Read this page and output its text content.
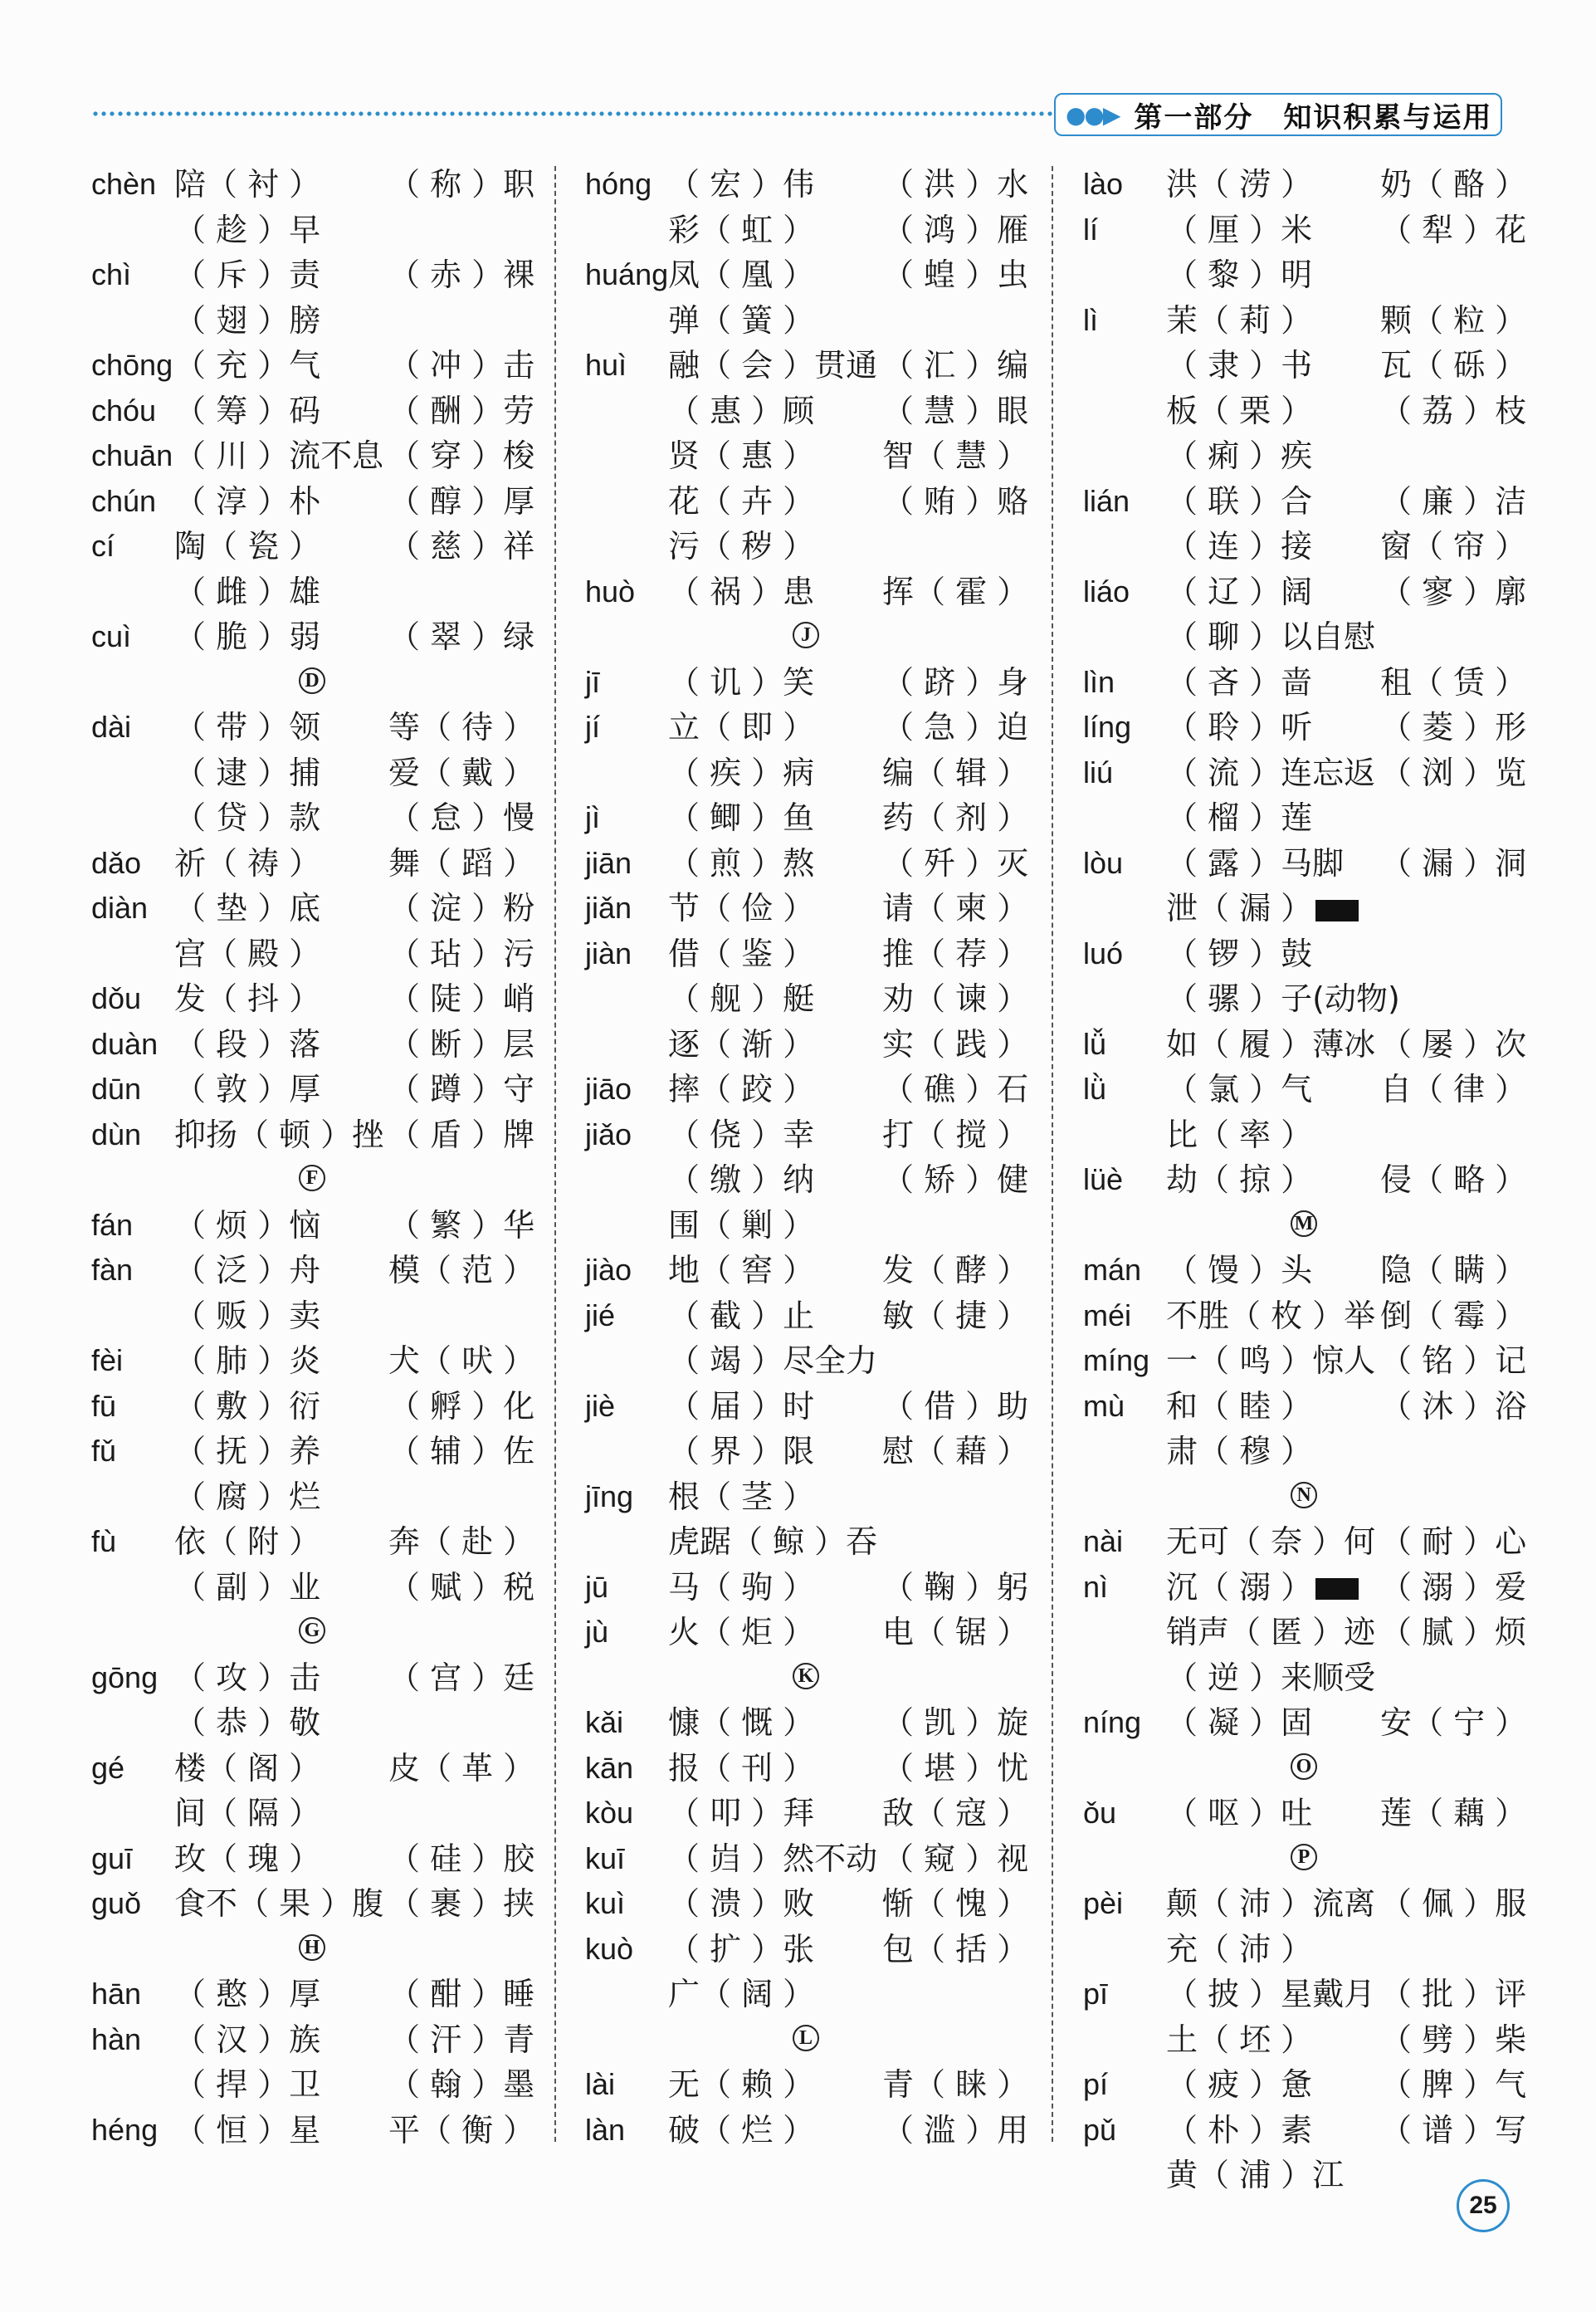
●●▶ 第一部分　知识积累与运用
chèn 陪（ 衬 ） （ 称 ）职
（ 趁 ）早
chì （ 斥 ）责 （ 赤 ）裸
（ 翅 ）膀
chōng （ 充 ）气 （ 冲 ）击
chóu （ 筹 ）码 （ 酬 ）劳
chuān （ 川 ）流不息 （ 穿 ）梭
chún （ 淳 ）朴 （ 醇 ）厚
cí 陶（ 瓷 ） （ 慈 ）祥
（ 雌 ）雄
cuì （ 脆 ）弱 （ 翠 ）绿
D
dài （ 带 ）领 等（ 待 ）
（ 逮 ）捕 爱（ 戴 ）
（ 贷 ）款 （ 怠 ）慢
dǎo 祈（ 祷 ） 舞（ 蹈 ）
diàn （ 垫 ）底 （ 淀 ）粉
宫（ 殿 ） （ 玷 ）污
dǒu 发（ 抖 ） （ 陡 ）峭
duàn （ 段 ）落 （ 断 ）层
dūn （ 敦 ）厚 （ 蹲 ）守
dùn 抑扬（ 顿 ）挫 （ 盾 ）牌
F
fán （ 烦 ）恼 （ 繁 ）华
fàn （ 泛 ）舟 模（ 范 ）
（ 贩 ）卖
fèi （ 肺 ）炎 犬（ 吠 ）
fū （ 敷 ）衍 （ 孵 ）化
fǔ （ 抚 ）养 （ 辅 ）佐
（ 腐 ）烂
fù 依（ 附 ） 奔（ 赴 ）
（ 副 ）业 （ 赋 ）税
G
gōng （ 攻 ）击 （ 宫 ）廷
（ 恭 ）敬
gé 楼（ 阁 ） 皮（ 革 ）
间（ 隔 ）
guī 玫（ 瑰 ） （ 硅 ）胶
guǒ 食不（ 果 ）腹 （ 裹 ）挟
H
hān （ 憨 ）厚 （ 酣 ）睡
hàn （ 汉 ）族 （ 汗 ）青
（ 捍 ）卫 （ 翰 ）墨
héng （ 恒 ）星 平（ 衡 ）
hóng （ 宏 ）伟 （ 洪 ）水
彩（ 虹 ） （ 鸿 ）雁
huáng 凤（ 凰 ） （ 蝗 ）虫
弹（ 簧 ）
huì 融（ 会 ）贯通 （ 汇 ）编
（ 惠 ）顾 （ 慧 ）眼
贤（ 惠 ） 智（ 慧 ）
花（ 卉 ） （ 贿 ）赂
污（ 秽 ）
huò （ 祸 ）患 挥（ 霍 ）
J
jī （ 讥 ）笑 （ 跻 ）身
jí 立（ 即 ） （ 急 ）迫
（ 疾 ）病 编（ 辑 ）
jì （ 鲫 ）鱼 药（ 剂 ）
jiān （ 煎 ）熬 （ 歼 ）灭
jiǎn 节（ 俭 ） 请（ 柬 ）
jiàn 借（ 鉴 ） 推（ 荐 ）
（ 舰 ）艇 劝（ 谏 ）
逐（ 渐 ） 实（ 践 ）
jiāo 摔（ 跤 ） （ 礁 ）石
jiǎo （ 侥 ）幸 打（ 搅 ）
（ 缴 ）纳 （ 矫 ）健
围（ 剿 ）
jiào 地（ 窖 ） 发（ 酵 ）
jié （ 截 ）止 敏（ 捷 ）
（ 竭 ）尽全力
jiè （ 届 ）时 （ 借 ）助
（ 界 ）限 慰（ 藉 ）
jīng 根（ 茎 ）
虎踞（ 鲸 ）吞
jū 马（ 驹 ） （ 鞠 ）躬
jù 火（ 炬 ） 电（ 锯 ）
K
kǎi 慷（ 慨 ） （ 凯 ）旋
kān 报（ 刊 ） （ 堪 ）忧
kòu （ 叩 ）拜 敌（ 寇 ）
kuī （ 岿 ）然不动 （ 窥 ）视
kuì （ 溃 ）败 惭（ 愧 ）
kuò （ 扩 ）张 包（ 括 ）
广（ 阔 ）
L
lài 无（ 赖 ） 青（ 睐 ）
làn 破（ 烂 ） （ 滥 ）用
lào 洪（ 涝 ） 奶（ 酪 ）
lí （ 厘 ）米 （ 犁 ）花
（ 黎 ）明
lì 茉（ 莉 ） 颗（ 粒 ）
（ 隶 ）书 瓦（ 砾 ）
板（ 栗 ） （ 荔 ）枝
（ 痢 ）疾
lián （ 联 ）合 （ 廉 ）洁
（ 连 ）接 窗（ 帘 ）
liáo （ 辽 ）阔 （ 寥 ）廓
（ 聊 ）以自慰
lìn （ 吝 ）啬 租（ 赁 ）
líng （ 聆 ）听 （ 菱 ）形
liú （ 流 ）连忘返 （ 浏 ）览
（ 榴 ）莲
lòu （ 露 ）马脚 （ 漏 ）洞
泄（ 漏 ）
luó （ 锣 ）鼓
（ 骡 ）子(动物)
lǚ 如（ 履 ）薄冰 （ 屡 ）次
lǜ （ 氯 ）气 自（ 律 ）
比（ 率 ）
lüè 劫（ 掠 ） 侵（ 略 ）
M
mán （ 馒 ）头 隐（ 瞒 ）
méi 不胜（ 枚 ）举 倒（ 霉 ）
míng 一（ 鸣 ）惊人 （ 铭 ）记
mù 和（ 睦 ） （ 沐 ）浴
肃（ 穆 ）
N
nài 无可（ 奈 ）何 （ 耐 ）心
nì 沉（ 溺 ）	（ 溺 ）爱
销声（ 匿 ）迹 （ 腻 ）烦
（ 逆 ）来顺受
níng （ 凝 ）固 安（ 宁 ）
O
ǒu （ 呕 ）吐 莲（ 藕 ）
P
pèi 颠（ 沛 ）流离 （ 佩 ）服
充（ 沛 ）
pī （ 披 ）星戴月 （ 批 ）评
土（ 坯 ） （ 劈 ）柴
pí （ 疲 ）惫 （ 脾 ）气
pǔ （ 朴 ）素 （ 谱 ）写
黄（ 浦 ）江
25
